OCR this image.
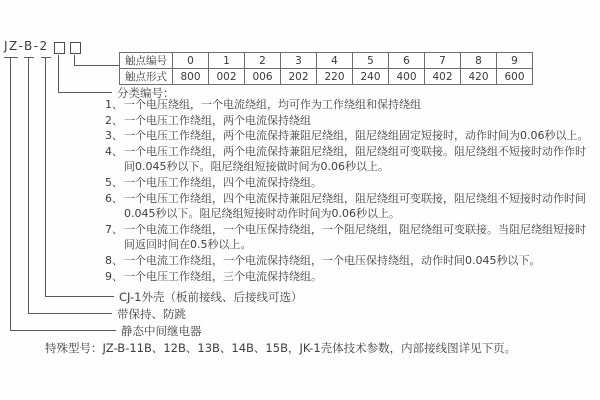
JZ-B-2
触点编号	0	1	2	3	4	5	6	7	8	9
触点形式	800	002	006	202	220	240	400	402	420	600
分类编号：
1、一个电压绕组，一个电流绕组，均可作为工作绕组和保持绕组
2、一个电压工作绕组，两个电流保持绕组
3、一个电压工作绕组，两个电流保持兼阻尼绕组，阻尼绕组固定短接时，动作时间为0.06秒以上。
4、一个电压工作绕组，两个电流保持兼阻尼绕组，阻尼绕组可变联接。阻尼绕组不短接时动作作时
间0.045秒以下。阻尼绕组短接做时间为0.06秒以上。
5、一个电压工作绕组，四个电流保持绕组。
6、一个电压工作绕组，四个电流保持兼阻尼绕组，阻尼绕组可变联接，阻尼绕组不短接时动作时间
0.045秒以下。阻尼绕组短接时动作时间为0.06秒以上。
7、一个电流工作绕组，一个电压保持绕组，一个阻尼绕组，阻尼绕组可变联接。当阻尼绕组短接时
间返回时间在0.5秒以上。
8、一个电流工作绕组，一个电流保持绕组，一个电压保持绕组，动作时间0.045秒以下。
9、一个电压工作绕组，三个电流保持绕组。
CJ-1外壳（板前接线、后接线可选）
带保持、防跳
静态中间继电器
特殊型号：JZ-B-11B、12B、13B、14B、15B，JK-1壳体技术参数，内部接线图详见下页。
